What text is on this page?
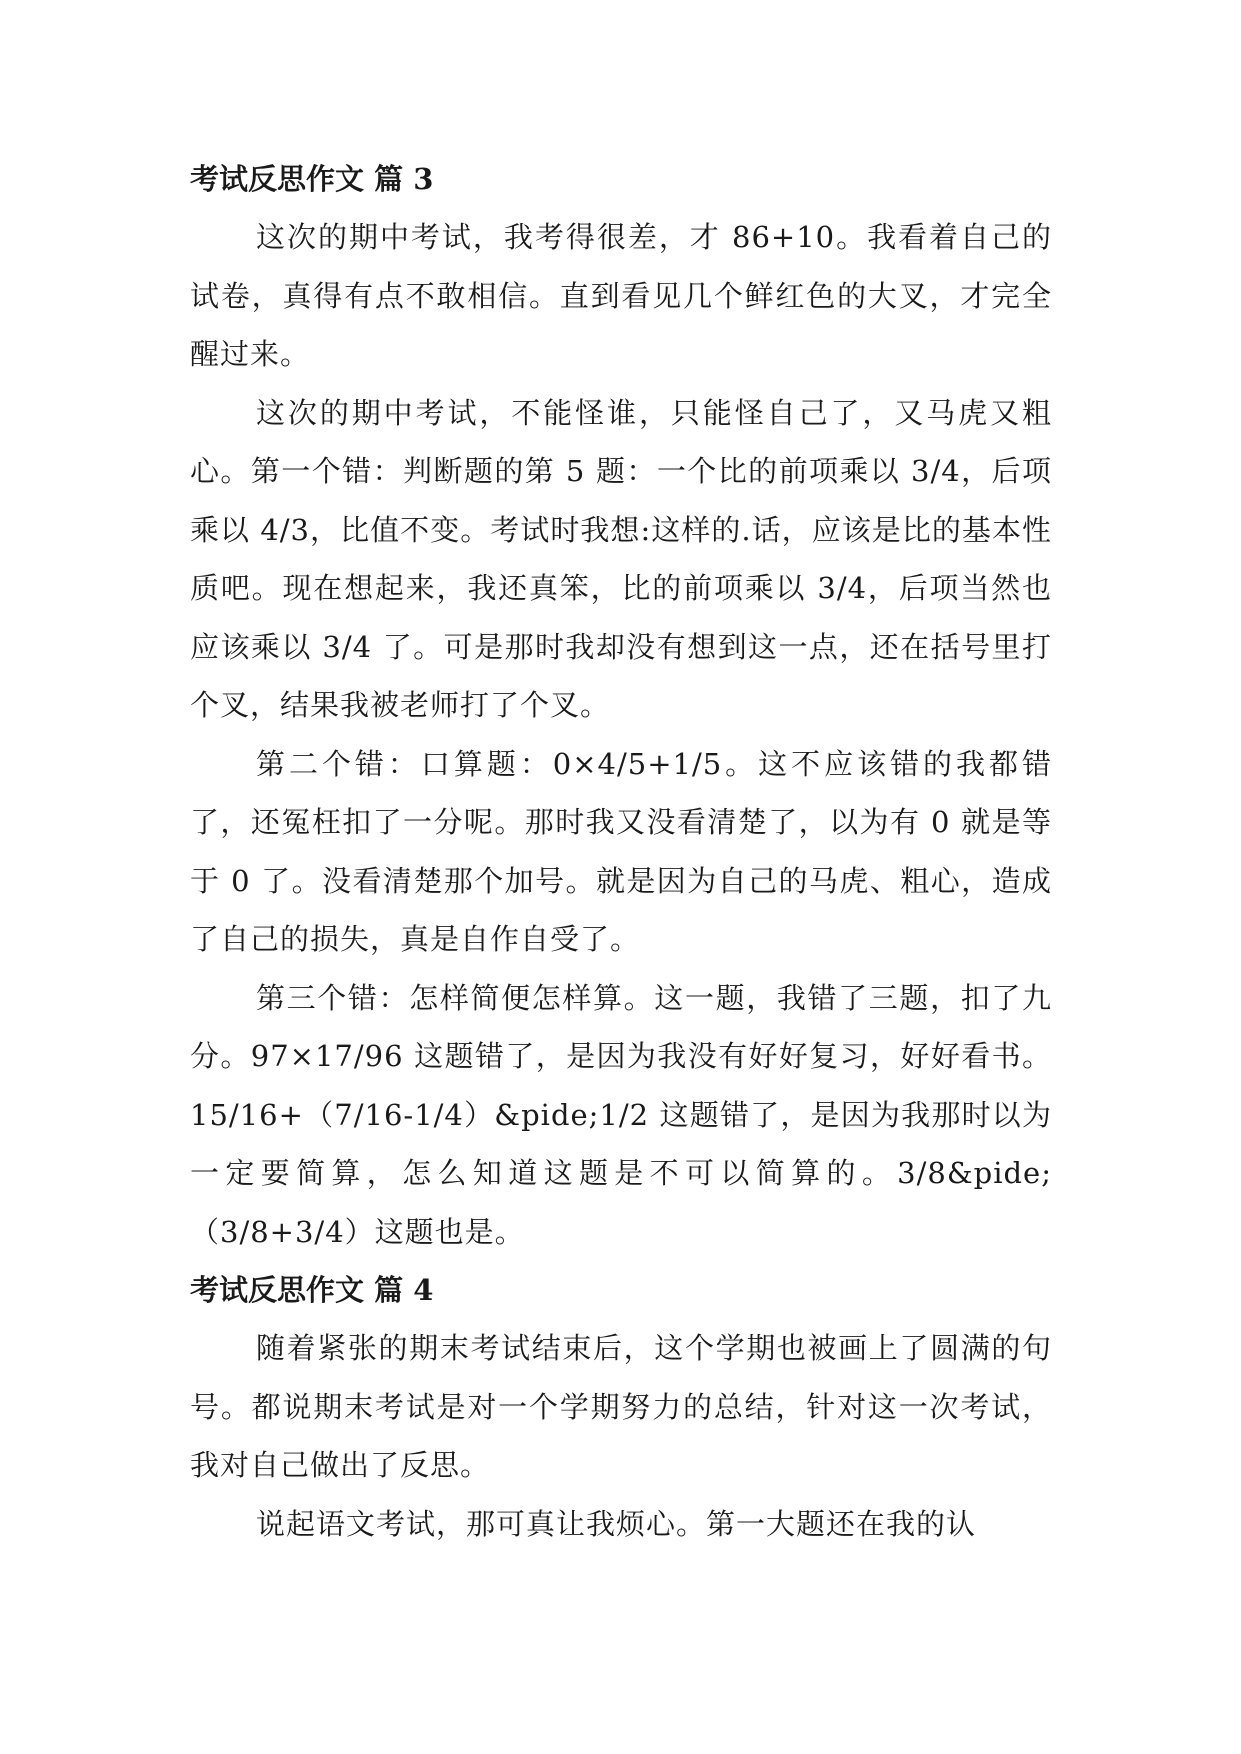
考试反思作文 篇 3

这次的期中考试，我考得很差，才 86+10。我看着自己的试卷，真得有点不敢相信。直到看见几个鲜红色的大叉，才完全醒过来。

这次的期中考试，不能怪谁，只能怪自己了，又马虎又粗心。第一个错：判断题的第 5 题：一个比的前项乘以 3/4，后项乘以 4/3，比值不变。考试时我想:这样的.话，应该是比的基本性质吧。现在想起来，我还真笨，比的前项乘以 3/4，后项当然也应该乘以 3/4 了。可是那时我却没有想到这一点，还在括号里打个叉，结果我被老师打了个叉。

第二个错：口算题：0×4/5+1/5。这不应该错的我都错了，还冤枉扣了一分呢。那时我又没看清楚了，以为有 0 就是等于 0 了。没看清楚那个加号。就是因为自己的马虎、粗心，造成了自己的损失，真是自作自受了。

第三个错：怎样简便怎样算。这一题，我错了三题，扣了九分。97×17/96 这题错了，是因为我没有好好复习，好好看书。15/16+（7/16-1/4）&pide;1/2 这题错了，是因为我那时以为一定要简算，怎么知道这题是不可以简算的。3/8&pide;（3/8+3/4）这题也是。

考试反思作文 篇 4

随着紧张的期末考试结束后，这个学期也被画上了圆满的句号。都说期末考试是对一个学期努力的总结，针对这一次考试，我对自己做出了反思。

说起语文考试，那可真让我烦心。第一大题还在我的认
